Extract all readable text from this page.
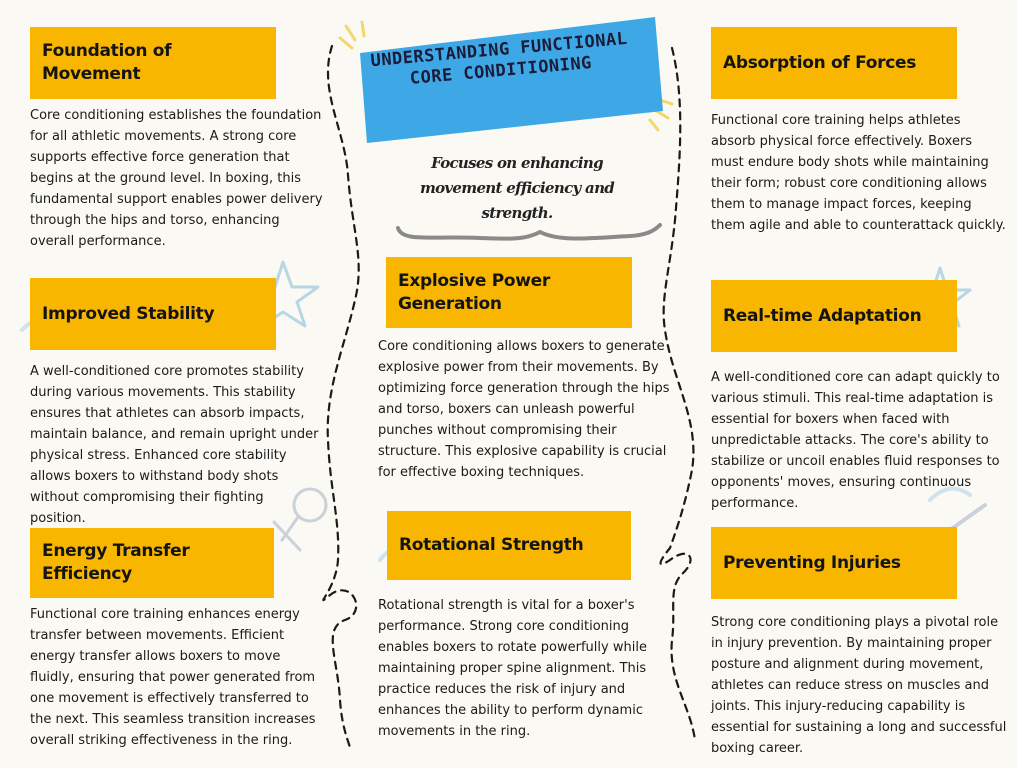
UNDERSTANDING FUNCTIONAL CORE CONDITIONING
Focuses on enhancing movement efficiency and strength.
Foundation of Movement
Core conditioning establishes the foundation for all athletic movements. A strong core supports effective force generation that begins at the ground level. In boxing, this fundamental support enables power delivery through the hips and torso, enhancing overall performance.
Improved Stability
A well-conditioned core promotes stability during various movements. This stability ensures that athletes can absorb impacts, maintain balance, and remain upright under physical stress. Enhanced core stability allows boxers to withstand body shots without compromising their fighting position.
Energy Transfer Efficiency
Functional core training enhances energy transfer between movements. Efficient energy transfer allows boxers to move fluidly, ensuring that power generated from one movement is effectively transferred to the next. This seamless transition increases overall striking effectiveness in the ring.
Explosive Power Generation
Core conditioning allows boxers to generate explosive power from their movements. By optimizing force generation through the hips and torso, boxers can unleash powerful punches without compromising their structure. This explosive capability is crucial for effective boxing techniques.
Rotational Strength
Rotational strength is vital for a boxer's performance. Strong core conditioning enables boxers to rotate powerfully while maintaining proper spine alignment. This practice reduces the risk of injury and enhances the ability to perform dynamic movements in the ring.
Absorption of Forces
Functional core training helps athletes absorb physical force effectively. Boxers must endure body shots while maintaining their form; robust core conditioning allows them to manage impact forces, keeping them agile and able to counterattack quickly.
Real-time Adaptation
A well-conditioned core can adapt quickly to various stimuli. This real-time adaptation is essential for boxers when faced with unpredictable attacks. The core's ability to stabilize or uncoil enables fluid responses to opponents' moves, ensuring continuous performance.
Preventing Injuries
Strong core conditioning plays a pivotal role in injury prevention. By maintaining proper posture and alignment during movement, athletes can reduce stress on muscles and joints. This injury-reducing capability is essential for sustaining a long and successful boxing career.
